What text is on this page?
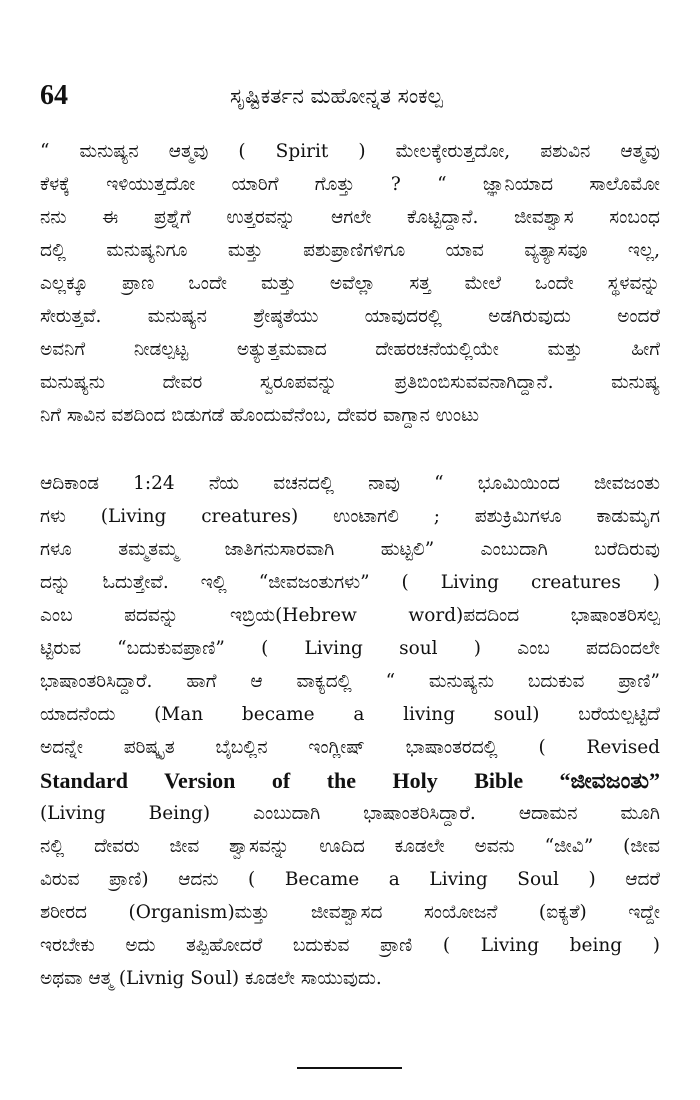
64	ಸೃಷ್ಟಿಕರ್ತನ ಮಹೋನ್ನತ ಸಂಕಲ್ಪ
“ ಮನುಷ್ಯನ ಆತ್ಮವು ( Spirit ) ಮೇಲಕ್ಕೇರುತ್ತದೋ, ಪಶುವಿನ ಆತ್ಮವು
ಕೆಳಕ್ಕೆ ಇಳಿಯುತ್ತದೋ ಯಾರಿಗೆ ಗೊತ್ತು ? “ ಜ್ಞಾನಿಯಾದ ಸಾಲೊಮೋ
ನನು ಈ ಪ್ರಶ್ನೆಗೆ ಉತ್ತರವನ್ನು ಆಗಲೇ ಕೊಟ್ಟಿದ್ದಾನೆ. ಜೀವಶ್ವಾಸ ಸಂಬಂಧ
ದಲ್ಲಿ ಮನುಷ್ಯನಿಗೂ ಮತ್ತು ಪಶುಪ್ರಾಣಿಗಳಿಗೂ ಯಾವ ವ್ಯತ್ಯಾಸವೂ ಇಲ್ಲ,
ಎಲ್ಲಕ್ಕೂ ಪ್ರಾಣ ಒಂದೇ ಮತ್ತು ಅವೆಲ್ಲಾ ಸತ್ತ ಮೇಲೆ ಒಂದೇ ಸ್ಥಳವನ್ನು
ಸೇರುತ್ತವೆ. ಮನುಷ್ಯನ ಶ್ರೇಷ್ಠತೆಯು ಯಾವುದರಲ್ಲಿ ಅಡಗಿರುವುದು ಅಂದರೆ
ಅವನಿಗೆ ನೀಡಲ್ಪಟ್ಟ ಅತ್ಯುತ್ತಮವಾದ ದೇಹರಚನೆಯಲ್ಲಿಯೇ ಮತ್ತು ಹೀಗೆ
ಮನುಷ್ಯನು ದೇವರ ಸ್ವರೂಪವನ್ನು ಪ್ರತಿಬಿಂಬಿಸುವವನಾಗಿದ್ದಾನೆ. ಮನುಷ್ಯ
ನಿಗೆ ಸಾವಿನ ವಶದಿಂದ ಬಿಡುಗಡೆ ಹೊಂದುವೆನೆಂಬ, ದೇವರ ವಾಗ್ದಾನ ಉಂಟು
ಆದಿಕಾಂಡ 1:24 ನೆಯ ವಚನದಲ್ಲಿ ನಾವು “ ಭೂಮಿಯಿಂದ ಜೀವಜಂತು
ಗಳು (Living creatures) ಉಂಟಾಗಲಿ ; ಪಶುಕ್ರಿಮಿಗಳೂ ಕಾಡುಮೃಗ
ಗಳೂ ತಮ್ಮತಮ್ಮ ಜಾತಿಗನುಸಾರವಾಗಿ ಹುಟ್ಟಲಿ” ಎಂಬುದಾಗಿ ಬರೆದಿರುವು
ದನ್ನು ಓದುತ್ತೇವೆ. ಇಲ್ಲಿ “ಜೀವಜಂತುಗಳು” ( Living creatures )
ಎಂಬ ಪದವನ್ನು ಇಬ್ರಿಯ(Hebrew word)ಪದದಿಂದ ಭಾಷಾಂತರಿಸಲ್ಪ
ಟ್ಟಿರುವ “ಬದುಕುವಪ್ರಾಣಿ” ( Living soul ) ಎಂಬ ಪದದಿಂದಲೇ
ಭಾಷಾಂತರಿಸಿದ್ದಾರೆ. ಹಾಗೆ ಆ ವಾಕ್ಯದಲ್ಲಿ “ ಮನುಷ್ಯನು ಬದುಕುವ ಪ್ರಾಣಿ”
ಯಾದನೆಂದು (Man became a living soul) ಬರೆಯಲ್ಪಟ್ಟಿದೆ
ಅದನ್ನೇ ಪರಿಷ್ಕೃತ ಬೈಬಲ್ಲಿನ ಇಂಗ್ಲೀಷ್ ಭಾಷಾಂತರದಲ್ಲಿ ( Revised
Standard Version of the Holy Bible “ಜೀವಜಂತು”
(Living Being) ಎಂಬುದಾಗಿ ಭಾಷಾಂತರಿಸಿದ್ದಾರೆ. ಆದಾಮನ ಮೂಗಿ
ನಲ್ಲಿ ದೇವರು ಜೀವ ಶ್ವಾಸವನ್ನು ಊದಿದ ಕೂಡಲೇ ಅವನು “ಜೀವಿ” (ಜೀವ
ವಿರುವ ಪ್ರಾಣಿ) ಆದನು ( Became a Living Soul ) ಆದರೆ
ಶರೀರದ (Organism)ಮತ್ತು ಜೀವಶ್ವಾಸದ ಸಂಯೋಜನೆ (ಐಕ್ಯತೆ) ಇದ್ದೇ
ಇರಬೇಕು ಅದು ತಪ್ಪಿಹೋದರೆ ಬದುಕುವ ಪ್ರಾಣಿ ( Living being )
ಅಥವಾ ಆತ್ಮ (Livnig Soul) ಕೂಡಲೇ ಸಾಯುವುದು.
